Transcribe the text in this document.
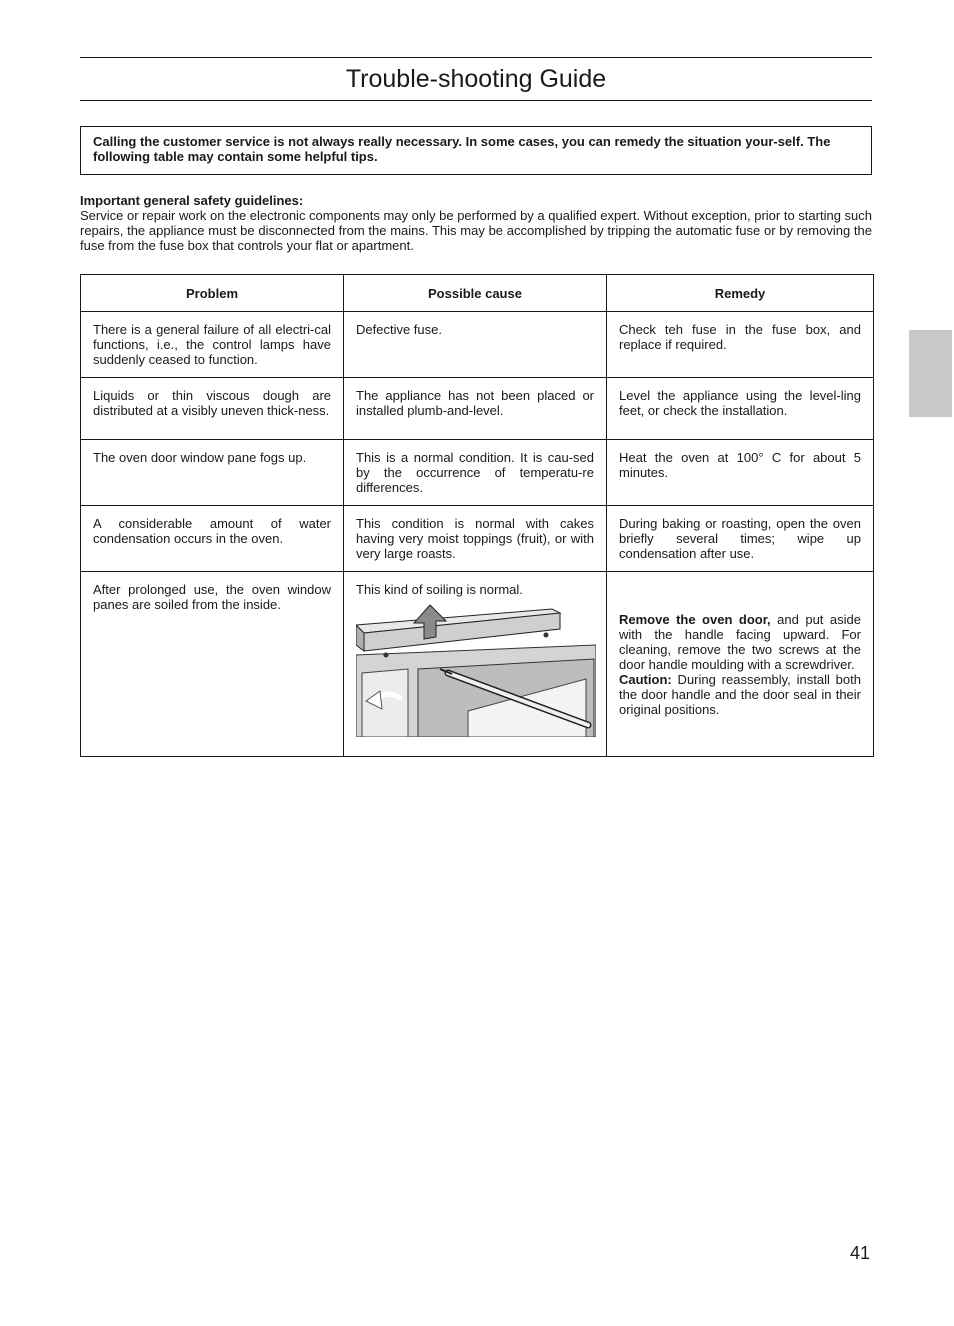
Trouble-shooting Guide
Calling the customer service is not always really necessary. In some cases, you can remedy the situation your-self. The following table may contain some helpful tips.
Important general safety guidelines:
Service or repair work on the electronic components may only be performed by a qualified expert. Without exception, prior to starting such repairs, the appliance must be disconnected from the mains. This may be accomplished by tripping the automatic fuse or by removing the fuse from the fuse box that controls your flat or apartment.
Problem	Possible cause	Remedy
There is a general failure of all electri-cal functions, i.e., the control lamps have suddenly ceased to function.	Defective fuse.	Check teh fuse in the fuse box, and replace if required.
Liquids or thin viscous dough are distributed at a visibly uneven thick-ness.	The appliance has not been placed or installed plumb-and-level.	Level the appliance using the level-ling feet, or check the installation.
The oven door window pane fogs up.	This is a normal condition. It is cau-sed by the occurrence of temperatu-re differences.	Heat the oven at 100° C for about 5 minutes.
A considerable amount of water condensation occurs in the oven.	This condition is normal with cakes having very moist toppings (fruit), or with very large roasts.	During baking or roasting, open the oven briefly several times; wipe up condensation after use.
After prolonged use, the oven window panes are soiled from the inside.	This kind of soiling is normal.	Remove the oven door, and put aside with the handle facing upward. For cleaning, remove the two screws at the door handle moulding with a screwdriver.
Caution: During reassembly, install both the door handle and the door seal in their original positions.
41
